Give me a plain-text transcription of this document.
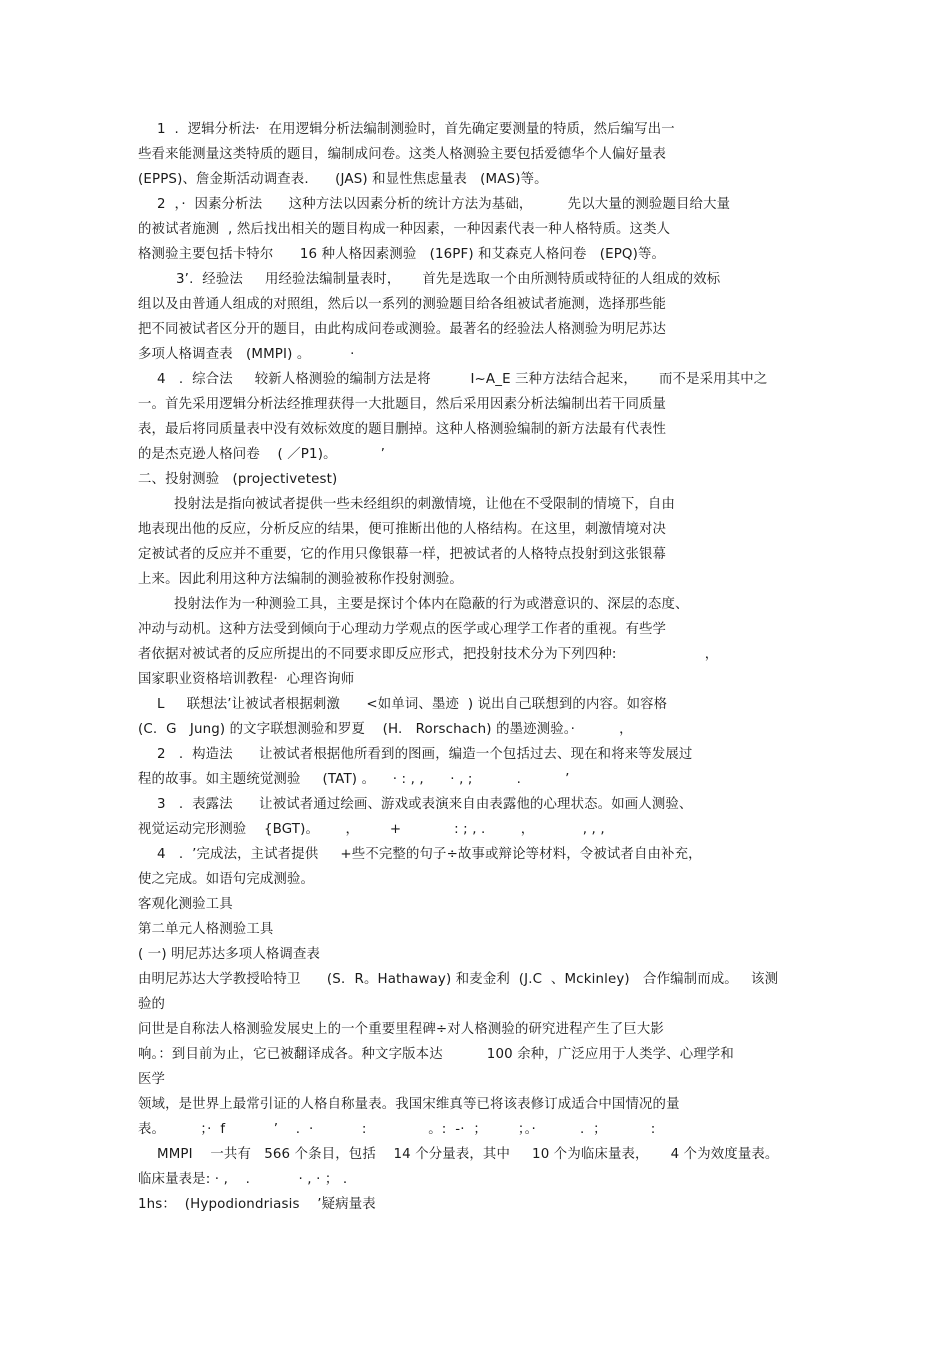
1  .  逻辑分析法·  在用逻辑分析法编制测验时，首先确定要测量的特质，然后编写出一
些看来能测量这类特质的题目，编制成问卷。这类人格测验主要包括爱德华个人偏好量表
(EPPS)、詹金斯活动调查表.      (JAS) 和显性焦虑量表   (MAS)等。
2  ，·  因素分析法      这种方法以因素分析的统计方法为基础，        先以大量的测验题目给大量
的被试者施测  , 然后找出相关的题目构成一种因素，一种因素代表一种人格特质。这类人
格测验主要包括卡特尔      16 种人格因素测验   (16PF) 和艾森克人格问卷   (EPQ)等。
3’.  经验法     用经验法编制量表时，     首先是选取一个由所测特质或特征的人组成的效标
组以及由普通人组成的对照组，然后以一系列的测验题目给各组被试者施测，选择那些能
把不同被试者区分开的题目，由此构成问卷或测验。最著名的经验法人格测验为明尼苏达
多项人格调查表   (MMPI) 。         ·
4   .  综合法     较新人格测验的编制方法是将         I~A_E 三种方法结合起来，     而不是采用其中之
一。首先采用逻辑分析法经推理获得一大批题目，然后采用因素分析法编制出若干同质量
表，最后将同质量表中没有效标效度的题目删掉。这种人格测验编制的新方法最有代表性
的是杰克逊人格问卷    ( ／P1)。          ’
二、投射测验   (projectivetest)
投射法是指向被试者提供一些未经组织的刺激情境，让他在不受限制的情境下，自由
地表现出他的反应，分析反应的结果，便可推断出他的人格结构。在这里，刺激情境对决
定被试者的反应并不重要，它的作用只像银幕一样，把被试者的人格特点投射到这张银幕
上来。因此利用这种方法编制的测验被称作投射测验。
投射法作为一种测验工具，主要是探讨个体内在隐蔽的行为或潜意识的、深层的态度、
冲动与动机。这种方法受到倾向于心理动力学观点的医学或心理学工作者的重视。有些学
者依据对被试者的反应所提出的不同要求即反应形式，把投射技术分为下列四种:                    ，
国家职业资格培训教程·  心理咨询师
L     联想法’让被试者根据刺激      <如单词、墨迹  ) 说出自己联想到的内容。如容格
(C.  G   Jung) 的文字联想测验和罗夏    (H.   Rorschach) 的墨迹测验。·          ，
2   .  构造法      让被试者根据他所看到的图画，编造一个包括过去、现在和将来等发展过
程的故事。如主题统觉测验     (TAT) 。    · : , ,      · , ;          .          ’
3   .  表露法      让被试者通过绘画、游戏或表演来自由表露他的心理状态。如画人测验、
视觉运动完形测验    {BGT)。      ，       +            : ; , .        ，           , , ,
4   .  ’完成法，主试者提供     +些不完整的句子÷故事或辩论等材料，令被试者自由补充，
使之完成。如语句完成测验。
客观化测验工具
第二单元人格测验工具
( 一) 明尼苏达多项人格调查表
由明尼苏达大学教授哈特卫      (S．R。Hathaway) 和麦金利  (J.C  、Mckinley)   合作编制而成。   该测
验的
问世是自称法人格测验发展史上的一个重要里程碑÷对人格测验的研究进程产生了巨大影
响。：到目前为止，它已被翻译成各。种文字版本达          100 余种，广泛应用于人类学、心理学和
医学
领域，是世界上最常引证的人格自称量表。我国宋维真等已将该表修订成适合中国情况的量
表。        ；·  f           ’    .  ·           :              。:  -·  ；       ；。·          .  ；          :
MMPI    一共有   566 个条目，包括    14 个分量表，其中     10 个为临床量表，     4 个为效度量表。
临床量表是: · ,    .           · , · ； .
1hs：  (Hypodiondriasis    ’疑病量表
